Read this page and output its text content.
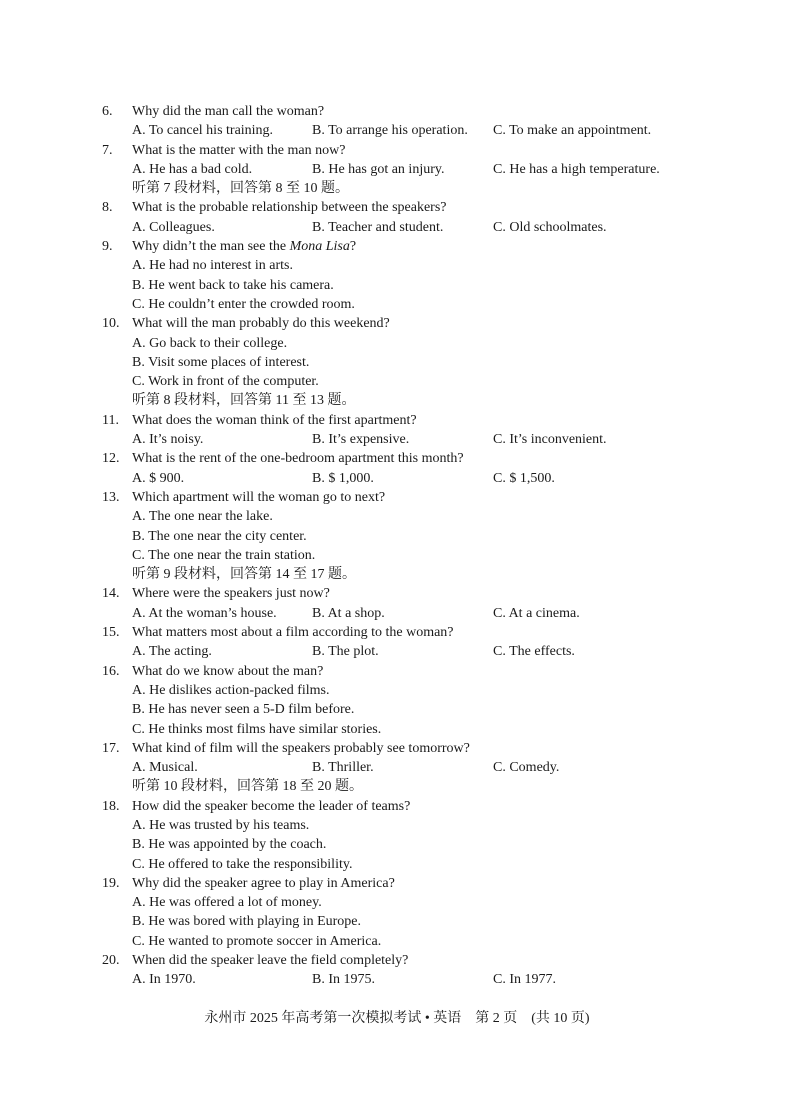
6. Why did the man call the woman?
A. To cancel his training.	B. To arrange his operation. C. To make an appointment.
7. What is the matter with the man now?
A. He has a bad cold.	B. He has got an injury.	C. He has a high temperature.
听第 7 段材料，回答第 8 至 10 题。
8. What is the probable relationship between the speakers?
A. Colleagues.	B. Teacher and student.	C. Old schoolmates.
9. Why didn’t the man see the Mona Lisa?
A. He had no interest in arts.
B. He went back to take his camera.
C. He couldn’t enter the crowded room.
10. What will the man probably do this weekend?
A. Go back to their college.
B. Visit some places of interest.
C. Work in front of the computer.
听第 8 段材料，回答第 11 至 13 题。
11. What does the woman think of the first apartment?
A. It’s noisy.	B. It’s expensive.	C. It’s inconvenient.
12. What is the rent of the one-bedroom apartment this month?
A. $ 900.	B. $ 1,000.	C. $ 1,500.
13. Which apartment will the woman go to next?
A. The one near the lake.
B. The one near the city center.
C. The one near the train station.
听第 9 段材料，回答第 14 至 17 题。
14. Where were the speakers just now?
A. At the woman’s house.	B. At a shop.	C. At a cinema.
15. What matters most about a film according to the woman?
A. The acting.	B. The plot.	C. The effects.
16. What do we know about the man?
A. He dislikes action-packed films.
B. He has never seen a 5-D film before.
C. He thinks most films have similar stories.
17. What kind of film will the speakers probably see tomorrow?
A. Musical.	B. Thriller.	C. Comedy.
听第 10 段材料，回答第 18 至 20 题。
18. How did the speaker become the leader of teams?
A. He was trusted by his teams.
B. He was appointed by the coach.
C. He offered to take the responsibility.
19. Why did the speaker agree to play in America?
A. He was offered a lot of money.
B. He was bored with playing in Europe.
C. He wanted to promote soccer in America.
20. When did the speaker leave the field completely?
A. In 1970.	B. In 1975.	C. In 1977.
永州市 2025 年高考第一次模拟考试 • 英语　第 2 页　(共 10 页)
